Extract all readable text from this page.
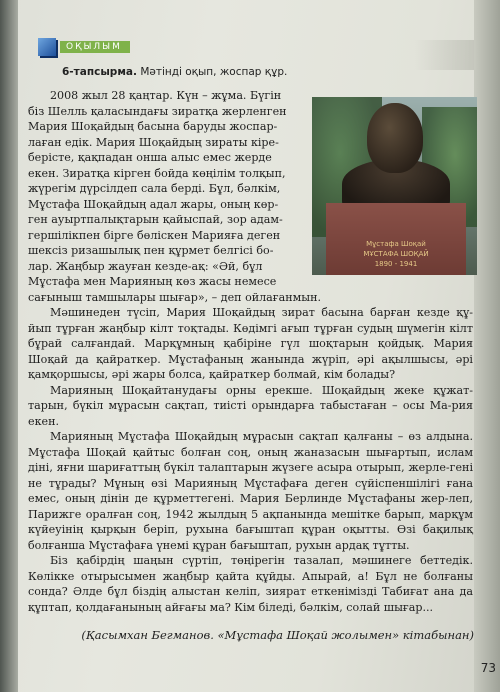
ОҚЫЛЫМ
6-тапсырма. Мәтінді оқып, жоспар құр.
Мұстафа Шоқай
МҰСТАФА ШОҚАЙ
1890 - 1941

2008 жыл 28 қаңтар. Күн – жұма. Бүгін

біз Шелль қаласындағы зиратқа жерленген

Мария Шоқайдың басына баруды жоспар-

лаған едік. Мария Шоқайдың зираты кіре-

берісте, қақпадан онша алыс емес жерде

екен. Зиратқа кірген бойда көңілім толқып,

жүрегім дүрсілдеп сала берді. Бұл, бәлкім,

Мұстафа Шоқайдың адал жары, оның көр-

ген ауыртпалықтарын қайыспай, зор адам-

гершілікпен бірге бөлiскен Марияға деген

шексіз ризашылық пен құрмет белгісі бо-

лар. Жаңбыр жауған кезде-ақ: «Әй, бұл

Мұстафа мен Марияның көз жасы немесе

сағыныш тамшылары шығар», – деп ойлағанмын.

Мәшинеден түсіп, Мария Шоқайдың зират басына барған кезде құ-йып тұрған жаңбыр кілт тоқтады. Көдімгі ағып тұрған судың шүмегін кілт бұрай салғандай. Марқұмның қабіріне гүл шоқтарын қойдық. Мария Шоқай да қайраткер. Мұстафаның жанында жүріп, әрі ақылшысы, әрі қамқоршысы, әрі жары болса, қайраткер болмай, кім болады?

Марияның Шоқайтанудағы орны ерекше. Шоқайдың жеке құжат-тарын, бүкіл мұрасын сақтап, тиісті орындарға табыстаған – осы Ма-рия екен.

Марияның Мұстафа Шоқайдың мұрасын сақтап қалғаны – өз алдына. Мұстафа Шоқай қайтыс болған соң, оның жаназасын шығартып, ислам діні, яғни шариғаттың бүкіл талаптарын жүзеге асыра отырып, жерле-гені не тұрады? Мұның өзі Марияның Мұстафаға деген сүйіспеншілігі ғана емес, оның дінін де құрметтегені. Мария Берлинде Мұстафаны жер-леп, Парижге оралған соң, 1942 жылдың 5 ақпанында мешітке барып, марқұм күйеуінің қырқын беріп, рухына бағыштап құран оқытты. Өзі бақилық болғанша Мұстафаға үнемі құран бағыштап, рухын ардақ тұтты.

Біз қабірдің шаңын сүртіп, төңірегін тазалап, мәшинеге беттедік. Көлікке отырысымен жаңбыр қайта құйды. Апырай, а! Бұл не болғаны сонда? Әлде бұл біздің алыстан келіп, зиярат еткенімізді Табиғат ана да құптап, қолдағанының айғағы ма? Кім біледі, бәлкім, солай шығар...

(Қасымхан Бегманов. «Мұстафа Шоқай жолымен» кітабынан)
73
